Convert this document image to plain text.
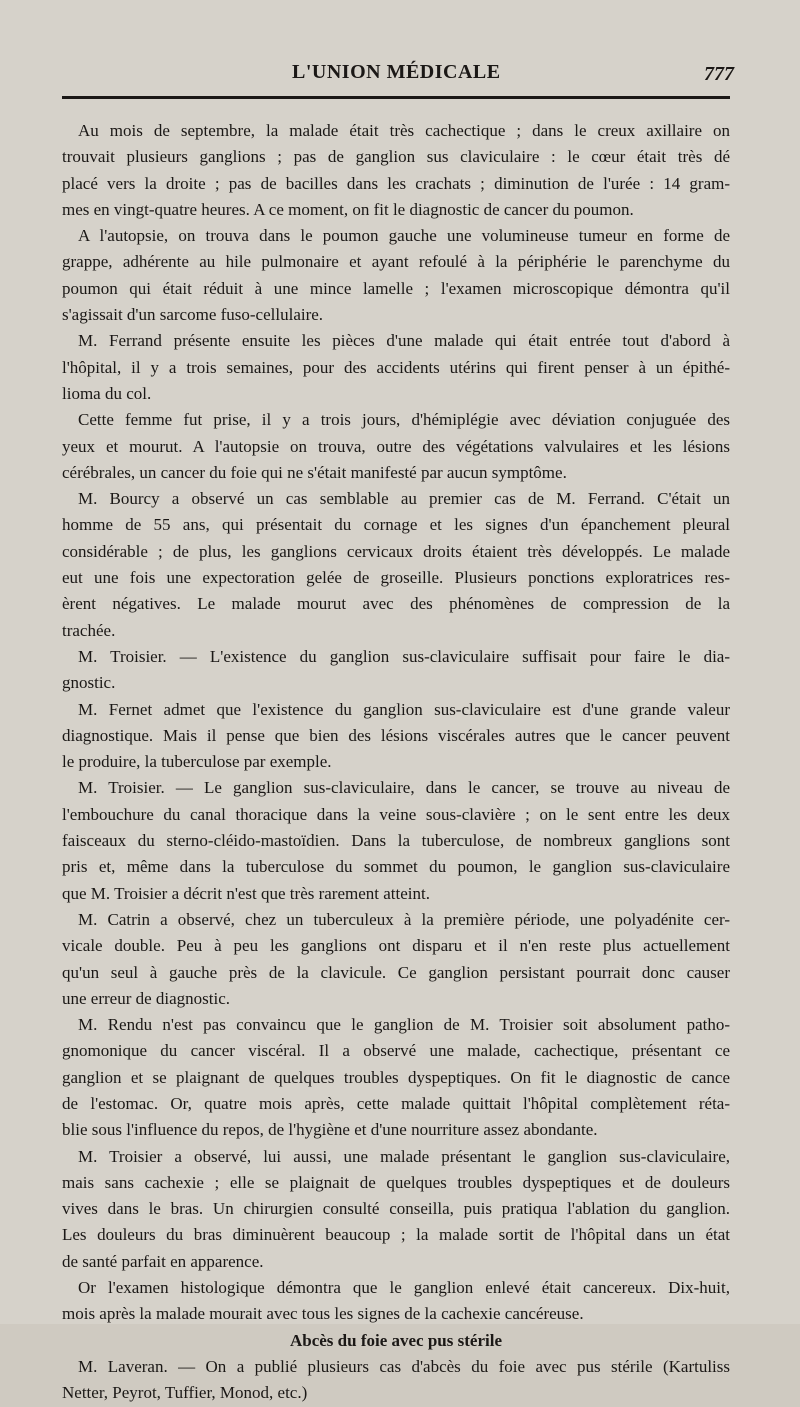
L'UNION MÉDICALE	777
Au mois de septembre, la malade était très cachectique ; dans le creux axillaire on
trouvait plusieurs ganglions ; pas de ganglion sus claviculaire : le cœur était très dé
placé vers la droite ; pas de bacilles dans les crachats ; diminution de l'urée : 14 gram-
mes en vingt-quatre heures. A ce moment, on fit le diagnostic de cancer du poumon.
A l'autopsie, on trouva dans le poumon gauche une volumineuse tumeur en forme de
grappe, adhérente au hile pulmonaire et ayant refoulé à la périphérie le parenchyme du
poumon qui était réduit à une mince lamelle ; l'examen microscopique démontra qu'il
s'agissait d'un sarcome fuso-cellulaire.
M. Ferrand présente ensuite les pièces d'une malade qui était entrée tout d'abord à
l'hôpital, il y a trois semaines, pour des accidents utérins qui firent penser à un épithé-
lioma du col.
Cette femme fut prise, il y a trois jours, d'hémiplégie avec déviation conjuguée des
yeux et mourut. A l'autopsie on trouva, outre des végétations valvulaires et les lésions
cérébrales, un cancer du foie qui ne s'était manifesté par aucun symptôme.
M. Bourcy a observé un cas semblable au premier cas de M. Ferrand. C'était un
homme de 55 ans, qui présentait du cornage et les signes d'un épanchement pleural
considérable ; de plus, les ganglions cervicaux droits étaient très développés. Le malade
eut une fois une expectoration gelée de groseille. Plusieurs ponctions exploratrices res-
èrent négatives. Le malade mourut avec des phénomènes de compression de la
trachée.
M. Troisier. — L'existence du ganglion sus-claviculaire suffisait pour faire le dia-
gnostic.
M. Fernet admet que l'existence du ganglion sus-claviculaire est d'une grande valeur
diagnostique. Mais il pense que bien des lésions viscérales autres que le cancer peuvent
le produire, la tuberculose par exemple.
M. Troisier. — Le ganglion sus-claviculaire, dans le cancer, se trouve au niveau de
l'embouchure du canal thoracique dans la veine sous-clavière ; on le sent entre les deux
faisceaux du sterno-cléido-mastoïdien. Dans la tuberculose, de nombreux ganglions sont
pris et, même dans la tuberculose du sommet du poumon, le ganglion sus-claviculaire
que M. Troisier a décrit n'est que très rarement atteint.
M. Catrin a observé, chez un tuberculeux à la première période, une polyadénite cer-
vicale double. Peu à peu les ganglions ont disparu et il n'en reste plus actuellement
qu'un seul à gauche près de la clavicule. Ce ganglion persistant pourrait donc causer
une erreur de diagnostic.
M. Rendu n'est pas convaincu que le ganglion de M. Troisier soit absolument patho-
gnomonique du cancer viscéral. Il a observé une malade, cachectique, présentant ce
ganglion et se plaignant de quelques troubles dyspeptiques. On fit le diagnostic de cance
de l'estomac. Or, quatre mois après, cette malade quittait l'hôpital complètement réta-
blie sous l'influence du repos, de l'hygiène et d'une nourriture assez abondante.
M. Troisier a observé, lui aussi, une malade présentant le ganglion sus-claviculaire,
mais sans cachexie ; elle se plaignait de quelques troubles dyspeptiques et de douleurs
vives dans le bras. Un chirurgien consulté conseilla, puis pratiqua l'ablation du ganglion.
Les douleurs du bras diminuèrent beaucoup ; la malade sortit de l'hôpital dans un état
de santé parfait en apparence.
Or l'examen histologique démontra que le ganglion enlevé était cancereux. Dix-huit,
mois après la malade mourait avec tous les signes de la cachexie cancéreuse.
Abcès du foie avec pus stérile
M. Laveran. — On a publié plusieurs cas d'abcès du foie avec pus stérile (Kartuliss
Netter, Peyrot, Tuffier, Monod, etc.)
